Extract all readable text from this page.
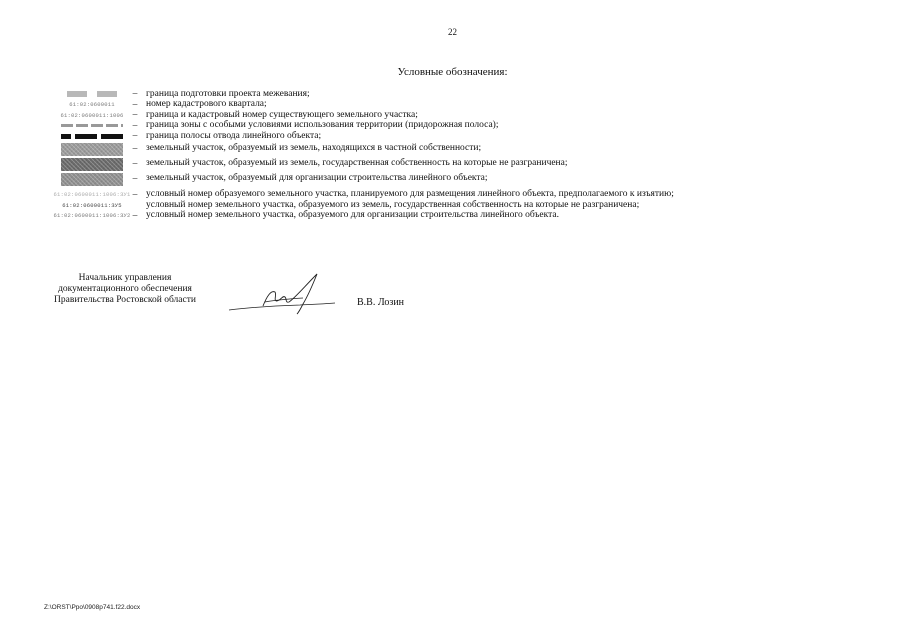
22
Условные обозначения:
– граница подготовки проекта межевания;
61:02:0600011	– номер кадастрового квартала;
61:02:0600011:1006 – граница и кадастровый номер существующего земельного участка;
– граница зоны с особыми условиями использования территории (придорожная полоса);
– граница полосы отвода линейного объекта;
– земельный участок, образуемый из земель, находящихся в частной собственности;
– земельный участок, образуемый из земель, государственная собственность на которые не разграничена;
– земельный участок, образуемый для организации строительства линейного объекта;
61:02:0600011:1006:ЗУ1 – условный номер образуемого земельного участка, планируемого для размещения линейного объекта, предполагаемого к изъятию;
61:02:0600011:ЗУ5	условный номер земельного участка, образуемого из земель, государственная собственность на которые не разграничена;
61:02:0600011:1006:ЗУ2 – условный номер земельного участка, образуемого для организации строительства линейного объекта.
Начальник управления
документационного обеспечения
Правительства Ростовской области	В.В. Лозин
Z:\ORST\Ppo\0908p741.f22.docx
